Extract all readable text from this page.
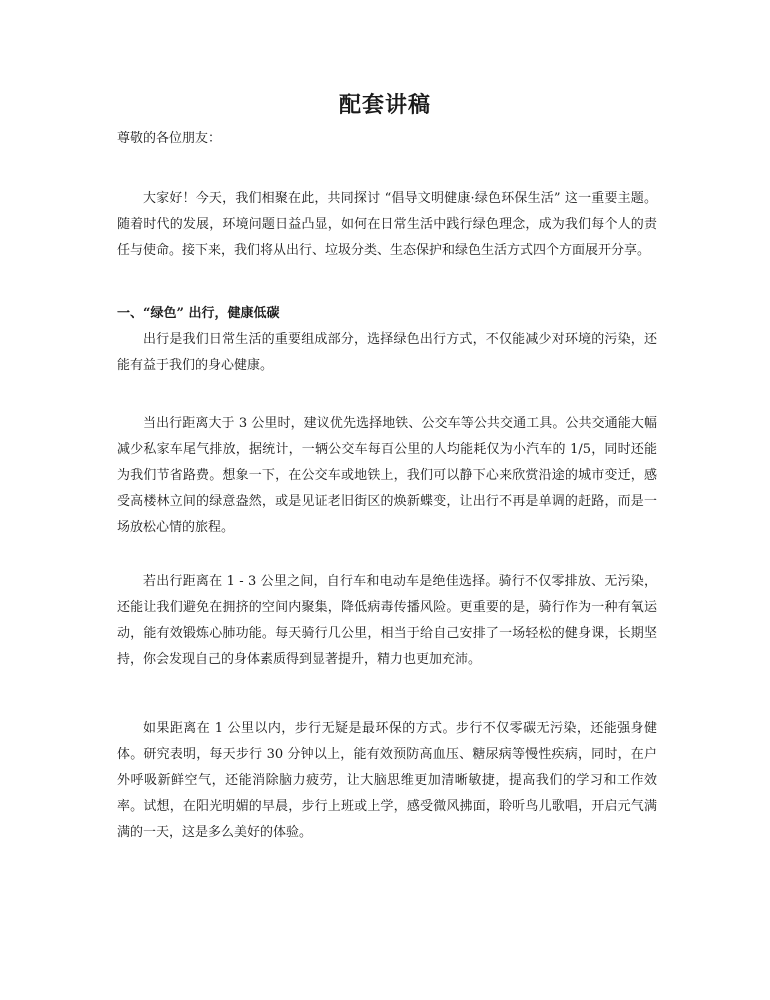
配套讲稿

尊敬的各位朋友：

大家好！今天，我们相聚在此，共同探讨 “倡导文明健康·绿色环保生活” 这一重要主题。随着时代的发展，环境问题日益凸显，如何在日常生活中践行绿色理念，成为我们每个人的责任与使命。接下来，我们将从出行、垃圾分类、生态保护和绿色生活方式四个方面展开分享。

一、“绿色” 出行，健康低碳

出行是我们日常生活的重要组成部分，选择绿色出行方式，不仅能减少对环境的污染，还能有益于我们的身心健康。

当出行距离大于 3 公里时，建议优先选择地铁、公交车等公共交通工具。公共交通能大幅减少私家车尾气排放，据统计，一辆公交车每百公里的人均能耗仅为小汽车的 1/5，同时还能为我们节省路费。想象一下，在公交车或地铁上，我们可以静下心来欣赏沿途的城市变迁，感受高楼林立间的绿意盎然，或是见证老旧街区的焕新蝶变，让出行不再是单调的赶路，而是一场放松心情的旅程。

若出行距离在 1 - 3 公里之间，自行车和电动车是绝佳选择。骑行不仅零排放、无污染，还能让我们避免在拥挤的空间内聚集，降低病毒传播风险。更重要的是，骑行作为一种有氧运动，能有效锻炼心肺功能。每天骑行几公里，相当于给自己安排了一场轻松的健身课，长期坚持，你会发现自己的身体素质得到显著提升，精力也更加充沛。

如果距离在 1 公里以内，步行无疑是最环保的方式。步行不仅零碳无污染，还能强身健体。研究表明，每天步行 30 分钟以上，能有效预防高血压、糖尿病等慢性疾病，同时，在户外呼吸新鲜空气，还能消除脑力疲劳，让大脑思维更加清晰敏捷，提高我们的学习和工作效率。试想，在阳光明媚的早晨，步行上班或上学，感受微风拂面，聆听鸟儿歌唱，开启元气满满的一天，这是多么美好的体验。
